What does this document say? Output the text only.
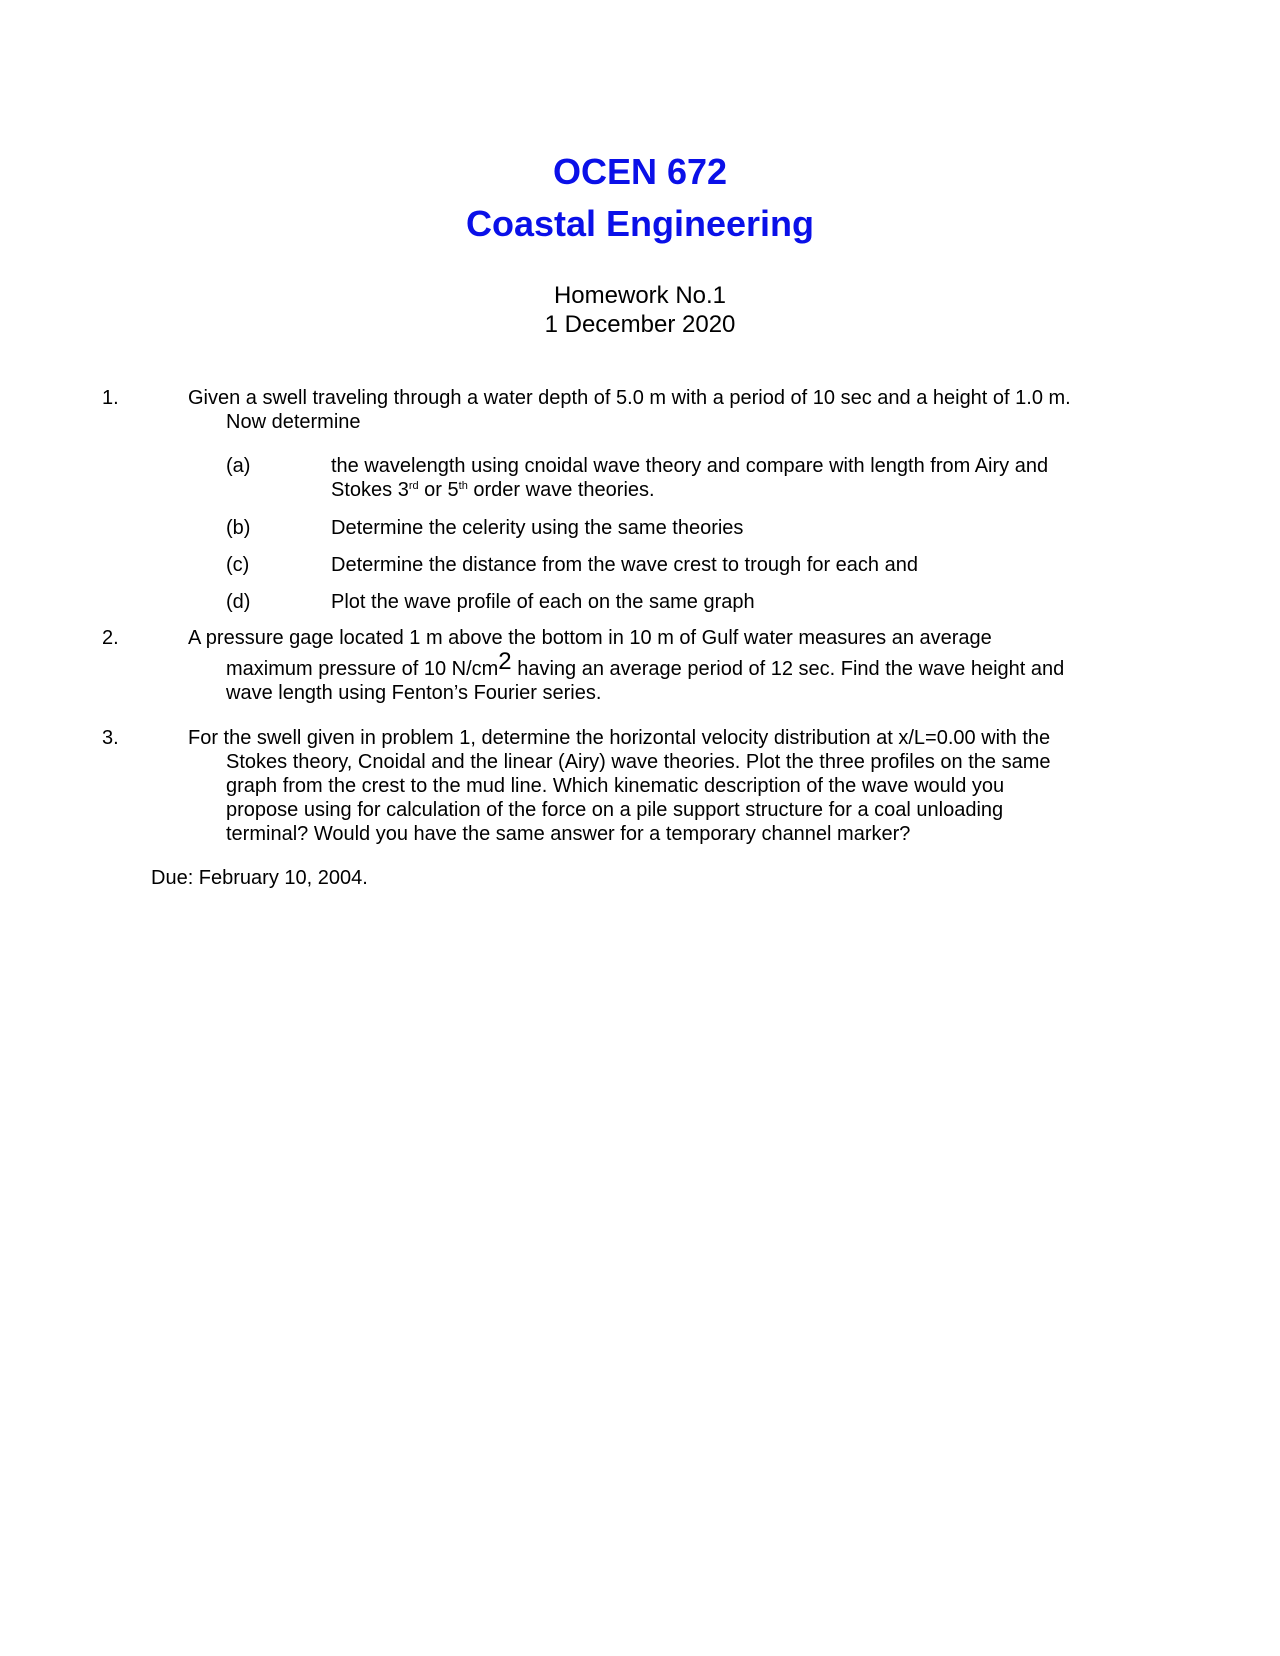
OCEN 672
Coastal Engineering
Homework No.1
1 December 2020
1.	Given a swell traveling through a water depth of 5.0 m with a period of 10 sec and a height of 1.0 m.
Now determine
(a)	the wavelength using cnoidal wave theory and compare with length from Airy and
Stokes 3rd or 5th order wave theories.
(b)	Determine the celerity using the same theories
(c)	Determine the distance from the wave crest to trough for each and
(d)	Plot the wave profile of each on the same graph
2.	A pressure gage located 1 m above the bottom in 10 m of Gulf water measures an average
maximum pressure of 10 N/cm2 having an average period of 12 sec. Find the wave height and
wave length using Fenton’s Fourier series.
3.	For the swell given in problem 1, determine the horizontal velocity distribution at x/L=0.00 with the
Stokes theory, Cnoidal and the linear (Airy) wave theories. Plot the three profiles on the same
graph from the crest to the mud line. Which kinematic description of the wave would you
propose using for calculation of the force on a pile support structure for a coal unloading
terminal? Would you have the same answer for a temporary channel marker?
Due: February 10, 2004.
